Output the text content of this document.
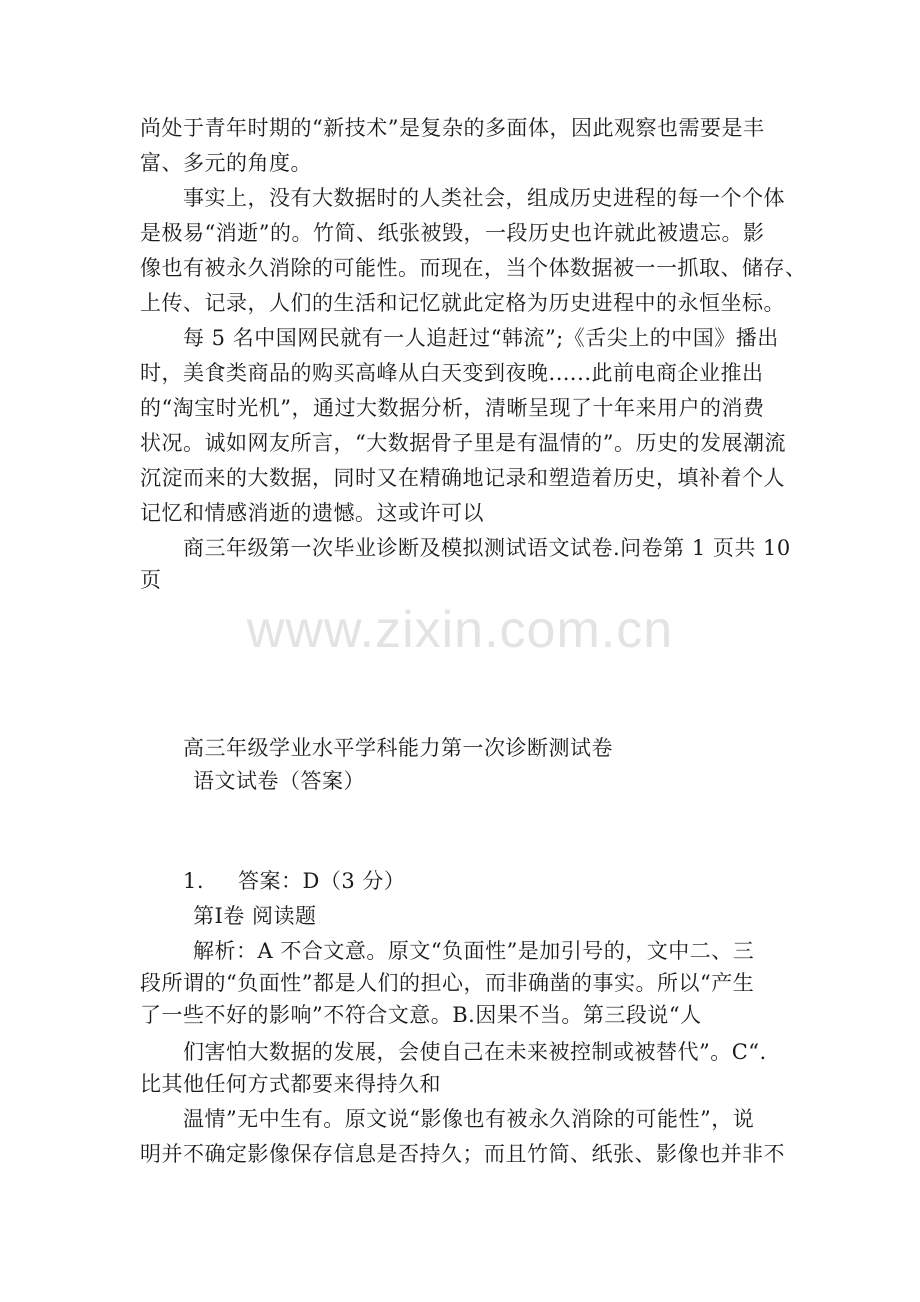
尚处于青年时期的“新技术”是复杂的多面体，因此观察也需要是丰
富、多元的角度。
事实上，没有大数据时的人类社会，组成历史进程的每一个个体
是极易“消逝”的。竹简、纸张被毁，一段历史也许就此被遗忘。影
像也有被永久消除的可能性。而现在，当个体数据被一一抓取、储存、
上传、记录，人们的生活和记忆就此定格为历史进程中的永恒坐标。
每 5 名中国网民就有一人追赶过“韩流”;《舌尖上的中国》播出
时，美食类商品的购买高峰从白天变到夜晚.…..此前电商企业推出
的“淘宝时光机”，通过大数据分析，清晰呈现了十年来用户的消费
状况。诚如网友所言，“大数据骨子里是有温情的”。历史的发展潮流
沉淀而来的大数据，同时又在精确地记录和塑造着历史，填补着个人
记忆和情感消逝的遗憾。这或许可以
商三年级第一次毕业诊断及模拟测试语文试卷.问卷第 1 页共 10
页
www.zixin.com.cn
高三年级学业水平学科能力第一次诊断测试卷
语文试卷（答案）
1. 答案：D（3 分）
第Ⅰ卷 阅读题
解析：A 不合文意。原文“负面性”是加引号的，文中二、三
段所谓的“负面性”都是人们的担心，而非确凿的事实。所以“产生
了一些不好的影响”不符合文意。B.因果不当。第三段说“人
们害怕大数据的发展，会使自己在未来被控制或被替代”。C“.
比其他任何方式都要来得持久和
温情”无中生有。原文说“影像也有被永久消除的可能性”，说
明并不确定影像保存信息是否持久；而且竹简、纸张、影像也并非不
